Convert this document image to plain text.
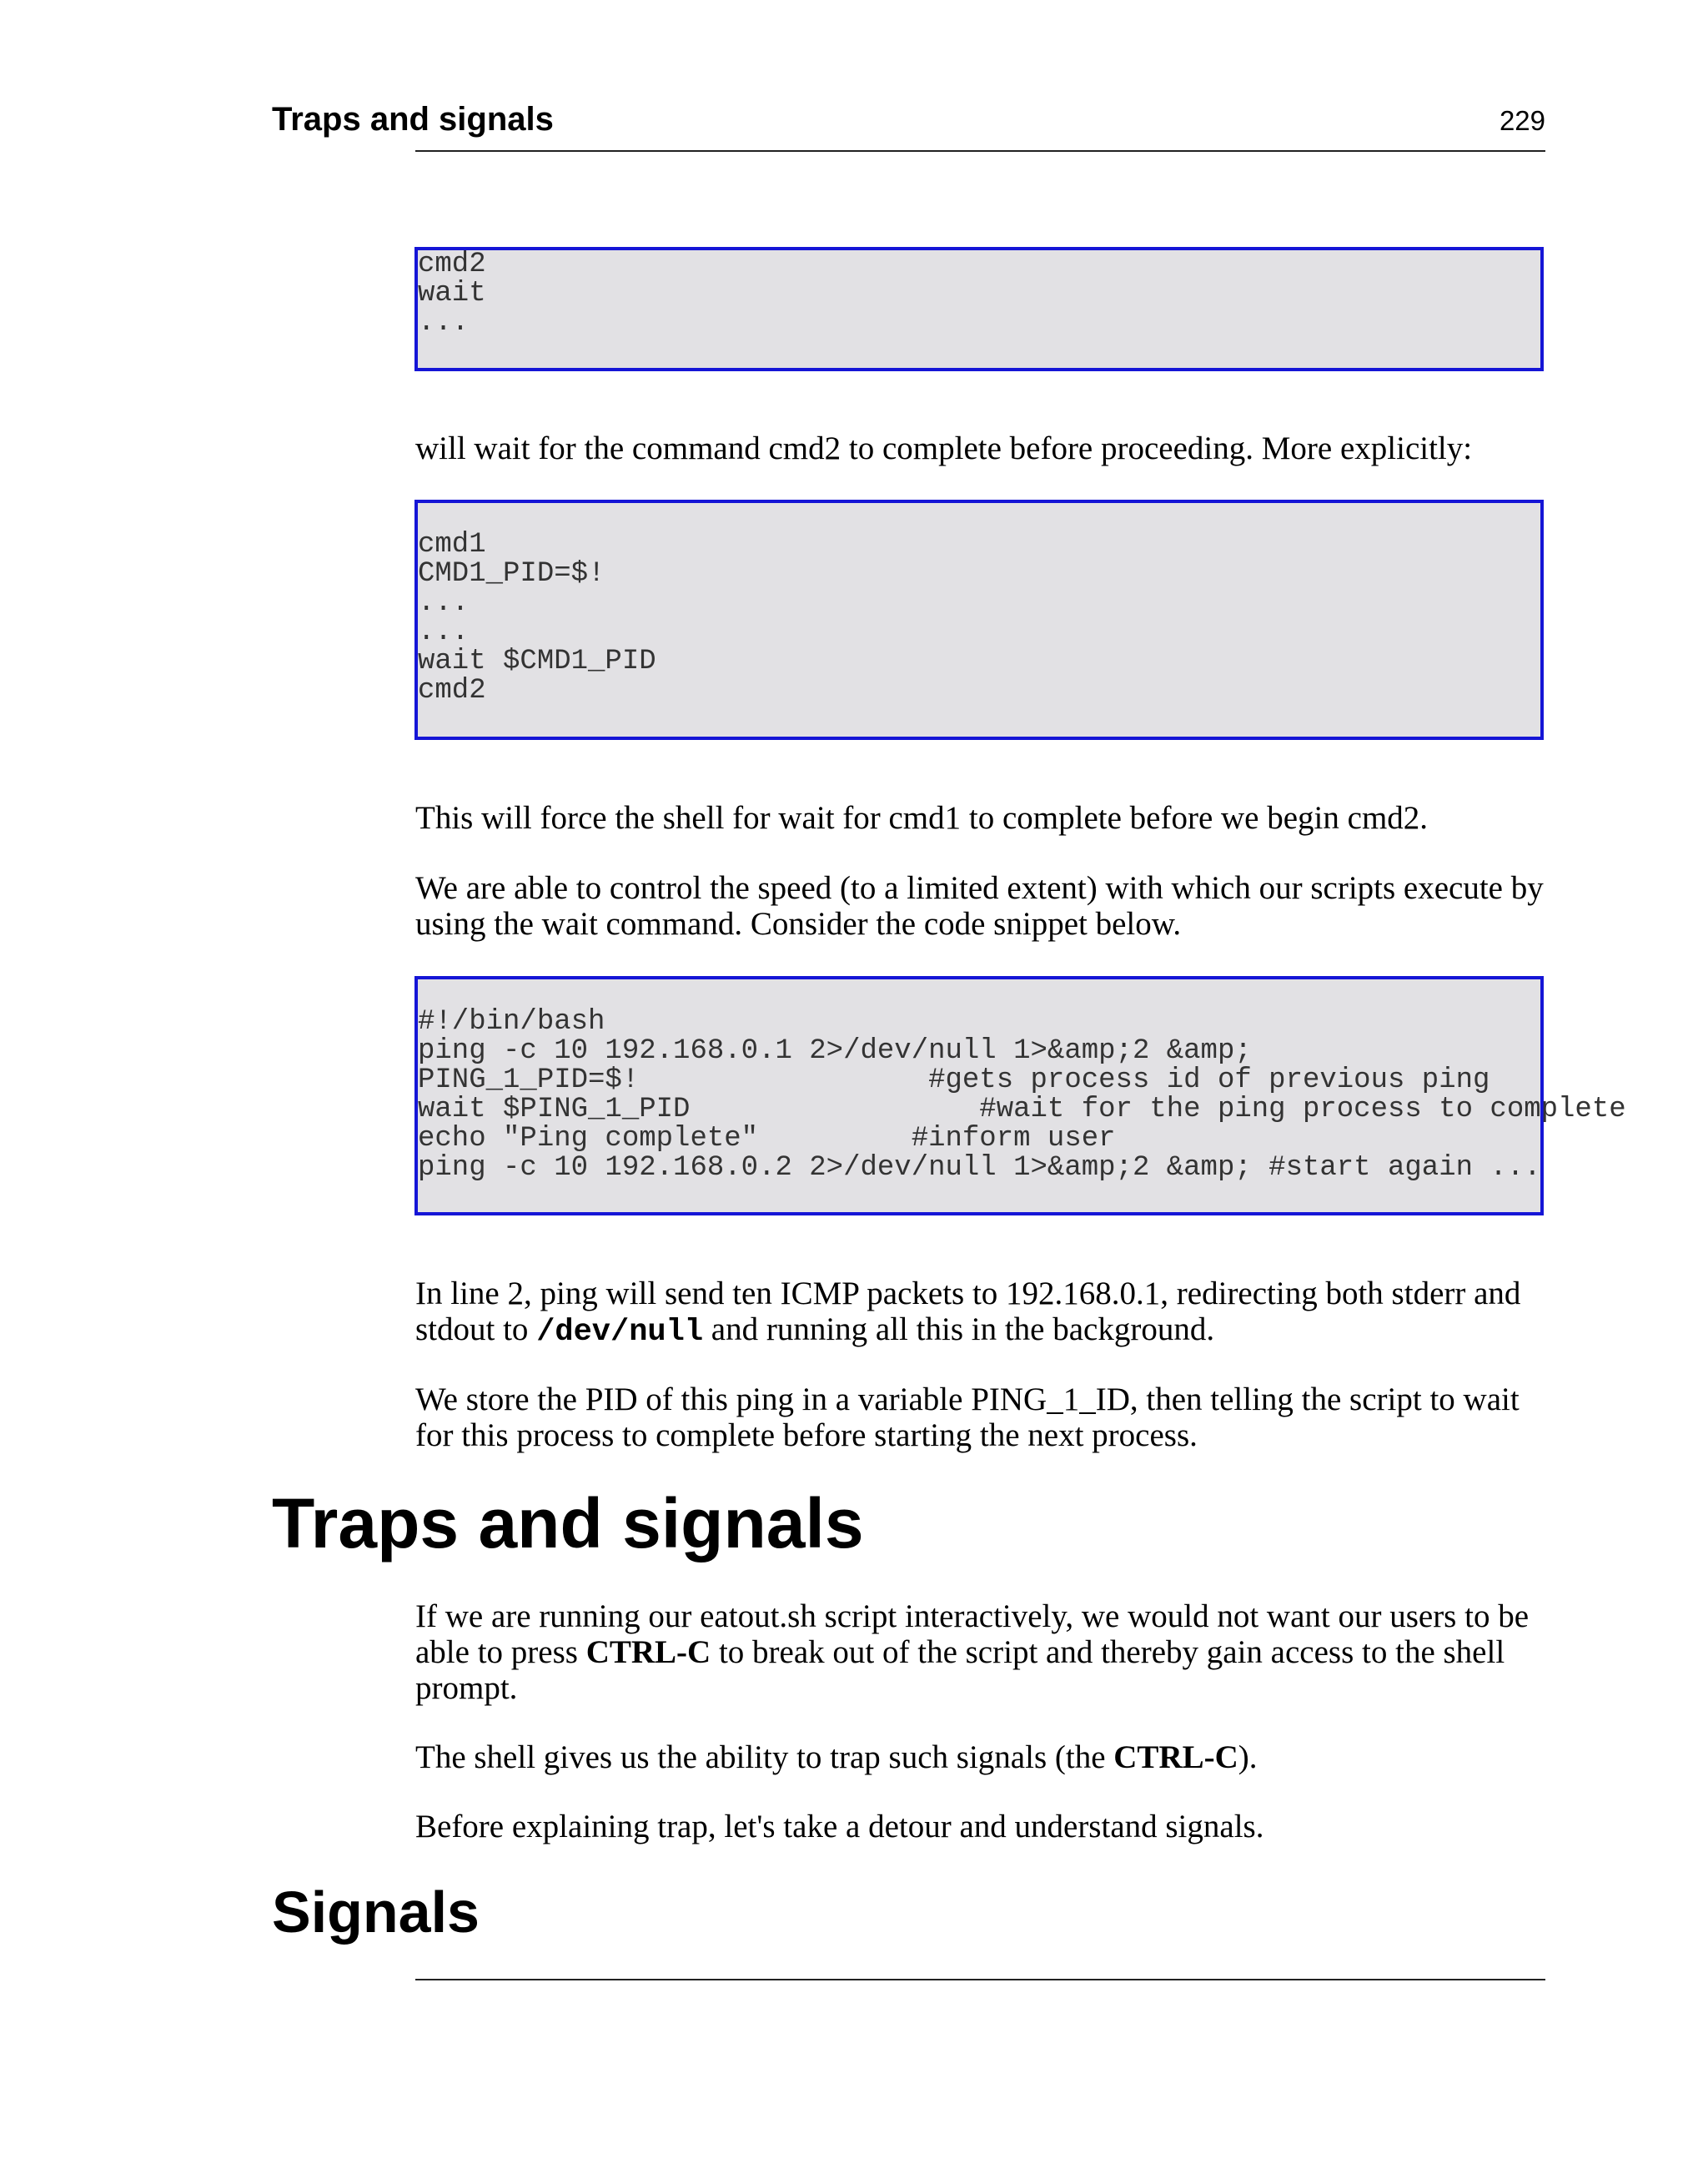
Traps and signals	229
cmd2
wait
...

will wait for the command cmd2 to complete before proceeding. More explicitly:

cmd1
CMD1_PID=$!
...
...
wait $CMD1_PID
cmd2

This will force the shell for wait for cmd1 to complete before we begin cmd2.

We are able to control the speed (to a limited extent) with which our scripts execute by using the wait command. Consider the code snippet below.

#!/bin/bash
ping -c 10 192.168.0.1 2>/dev/null 1>&amp;2 &amp;
PING_1_PID=$!                 #gets process id of previous ping
wait $PING_1_PID                 #wait for the ping process to complete
echo "Ping complete"         #inform user
ping -c 10 192.168.0.2 2>/dev/null 1>&amp;2 &amp; #start again ...

In line 2, ping will send ten ICMP packets to 192.168.0.1, redirecting both stderr and stdout to /dev/null and running all this in the background.

We store the PID of this ping in a variable PING_1_ID, then telling the script to wait for this process to complete before starting the next process.

Traps and signals

If we are running our eatout.sh script interactively, we would not want our users to be able to press CTRL-C to break out of the script and thereby gain access to the shell prompt.

The shell gives us the ability to trap such signals (the CTRL-C).

Before explaining trap, let's take a detour and understand signals.

Signals
